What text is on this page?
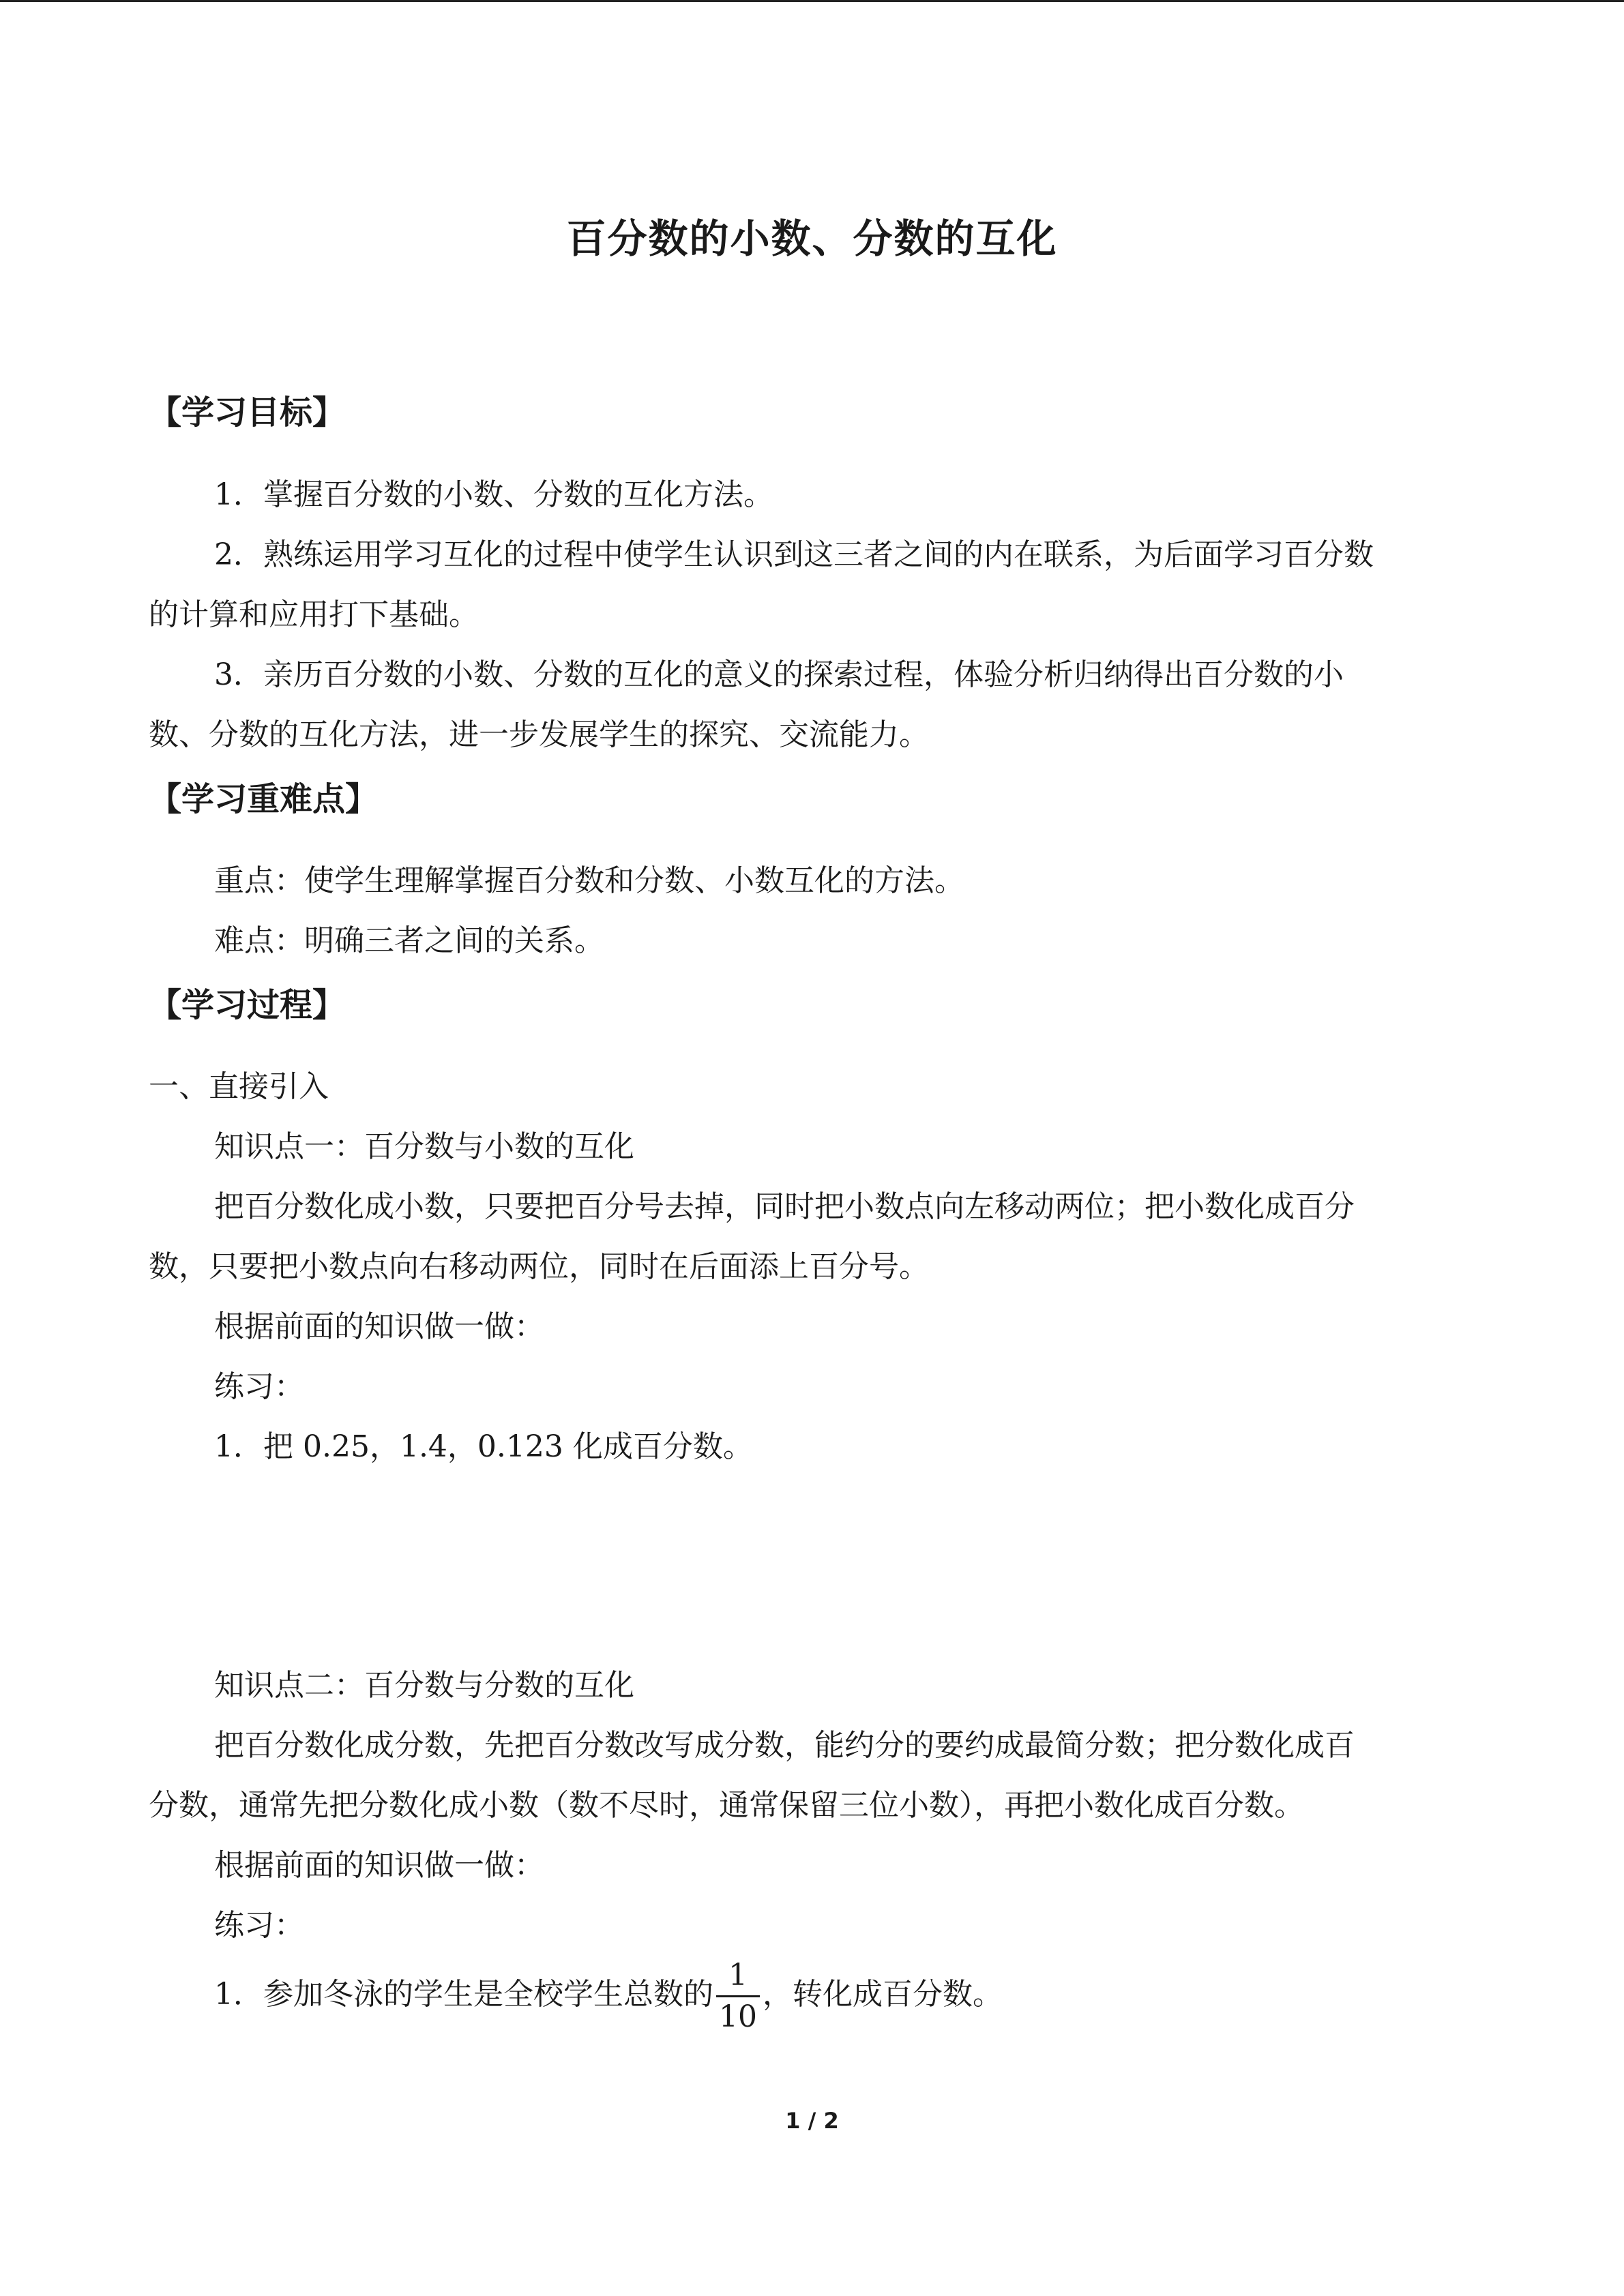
百分数的小数、分数的互化
【学习目标】
1．掌握百分数的小数、分数的互化方法。
2．熟练运用学习互化的过程中使学生认识到这三者之间的内在联系，为后面学习百分数
的计算和应用打下基础。
3．亲历百分数的小数、分数的互化的意义的探索过程，体验分析归纳得出百分数的小
数、分数的互化方法，进一步发展学生的探究、交流能力。
【学习重难点】
重点：使学生理解掌握百分数和分数、小数互化的方法。
难点：明确三者之间的关系。
【学习过程】
一、直接引入
知识点一：百分数与小数的互化
把百分数化成小数，只要把百分号去掉，同时把小数点向左移动两位；把小数化成百分
数，只要把小数点向右移动两位，同时在后面添上百分号。
根据前面的知识做一做：
练习：
1．把 0.25，1.4，0.123 化成百分数。
知识点二：百分数与分数的互化
把百分数化成分数，先把百分数改写成分数，能约分的要约成最简分数；把分数化成百
分数，通常先把分数化成小数（数不尽时，通常保留三位小数），再把小数化成百分数。
根据前面的知识做一做：
练习：
1．参加冬泳的学生是全校学生总数的 $\frac{1}{10}$ ，转化成百分数。
1 / 2
